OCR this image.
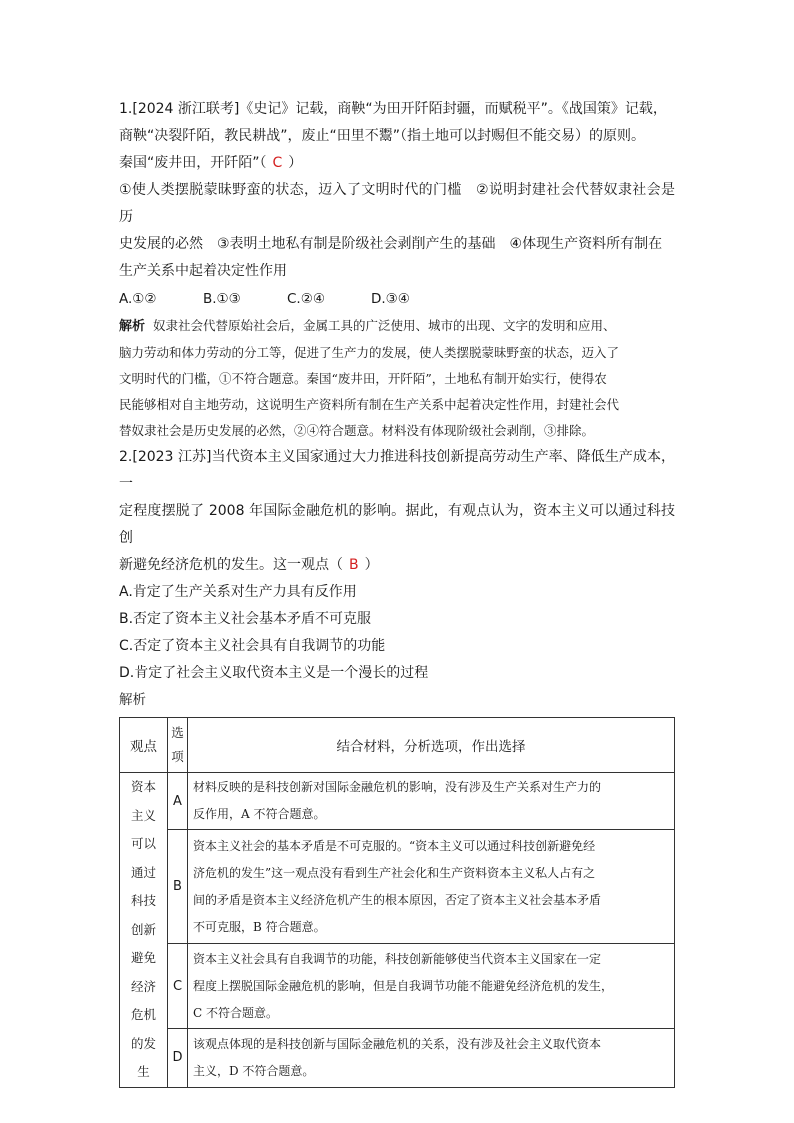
1.[2024 浙江联考]《史记》记载，商鞅“为田开阡陌封疆，而赋税平”。《战国策》记载，

商鞅“决裂阡陌，教民耕战”，废止“田里不鬻”（指土地可以封赐但不能交易）的原则。

秦国“废井田，开阡陌”（ C ）

①使人类摆脱蒙昧野蛮的状态，迈入了文明时代的门槛　②说明封建社会代替奴隶社会是历

史发展的必然　③表明土地私有制是阶级社会剥削产生的基础　④体现生产资料所有制在

生产关系中起着决定性作用

A.①②	B.①③	C.②④	D.③④

解析 奴隶社会代替原始社会后，金属工具的广泛使用、城市的出现、文字的发明和应用、

脑力劳动和体力劳动的分工等，促进了生产力的发展，使人类摆脱蒙昧野蛮的状态，迈入了

文明时代的门槛，①不符合题意。秦国“废井田，开阡陌”，土地私有制开始实行，使得农

民能够相对自主地劳动，这说明生产资料所有制在生产关系中起着决定性作用，封建社会代

替奴隶社会是历史发展的必然，②④符合题意。材料没有体现阶级社会剥削，③排除。

2.[2023 江苏]当代资本主义国家通过大力推进科技创新提高劳动生产率、降低生产成本，一

定程度摆脱了 2008 年国际金融危机的影响。据此，有观点认为，资本主义可以通过科技创

新避免经济危机的发生。这一观点（ B ）

A.肯定了生产关系对生产力具有反作用

B.否定了资本主义社会基本矛盾不可克服

C.否定了资本主义社会具有自我调节的功能

D.肯定了社会主义取代资本主义是一个漫长的过程

解析

观点	选项	结合材料，分析选项，作出选择
资本主义可以通过科技创新避免经济危机的发生	A	材料反映的是科技创新对国际金融危机的影响，没有涉及生产关系对生产力的
反作用，A 不符合题意。

	B	资本主义社会的基本矛盾是不可克服的。“资本主义可以通过科技创新避免经
济危机的发生”这一观点没有看到生产社会化和生产资料资本主义私人占有之
间的矛盾是资本主义经济危机产生的根本原因，否定了资本主义社会基本矛盾
不可克服，B 符合题意。

	C	资本主义社会具有自我调节的功能，科技创新能够使当代资本主义国家在一定
程度上摆脱国际金融危机的影响，但是自我调节功能不能避免经济危机的发生，
C 不符合题意。

	D	该观点体现的是科技创新与国际金融危机的关系，没有涉及社会主义取代资本
主义，D 不符合题意。
